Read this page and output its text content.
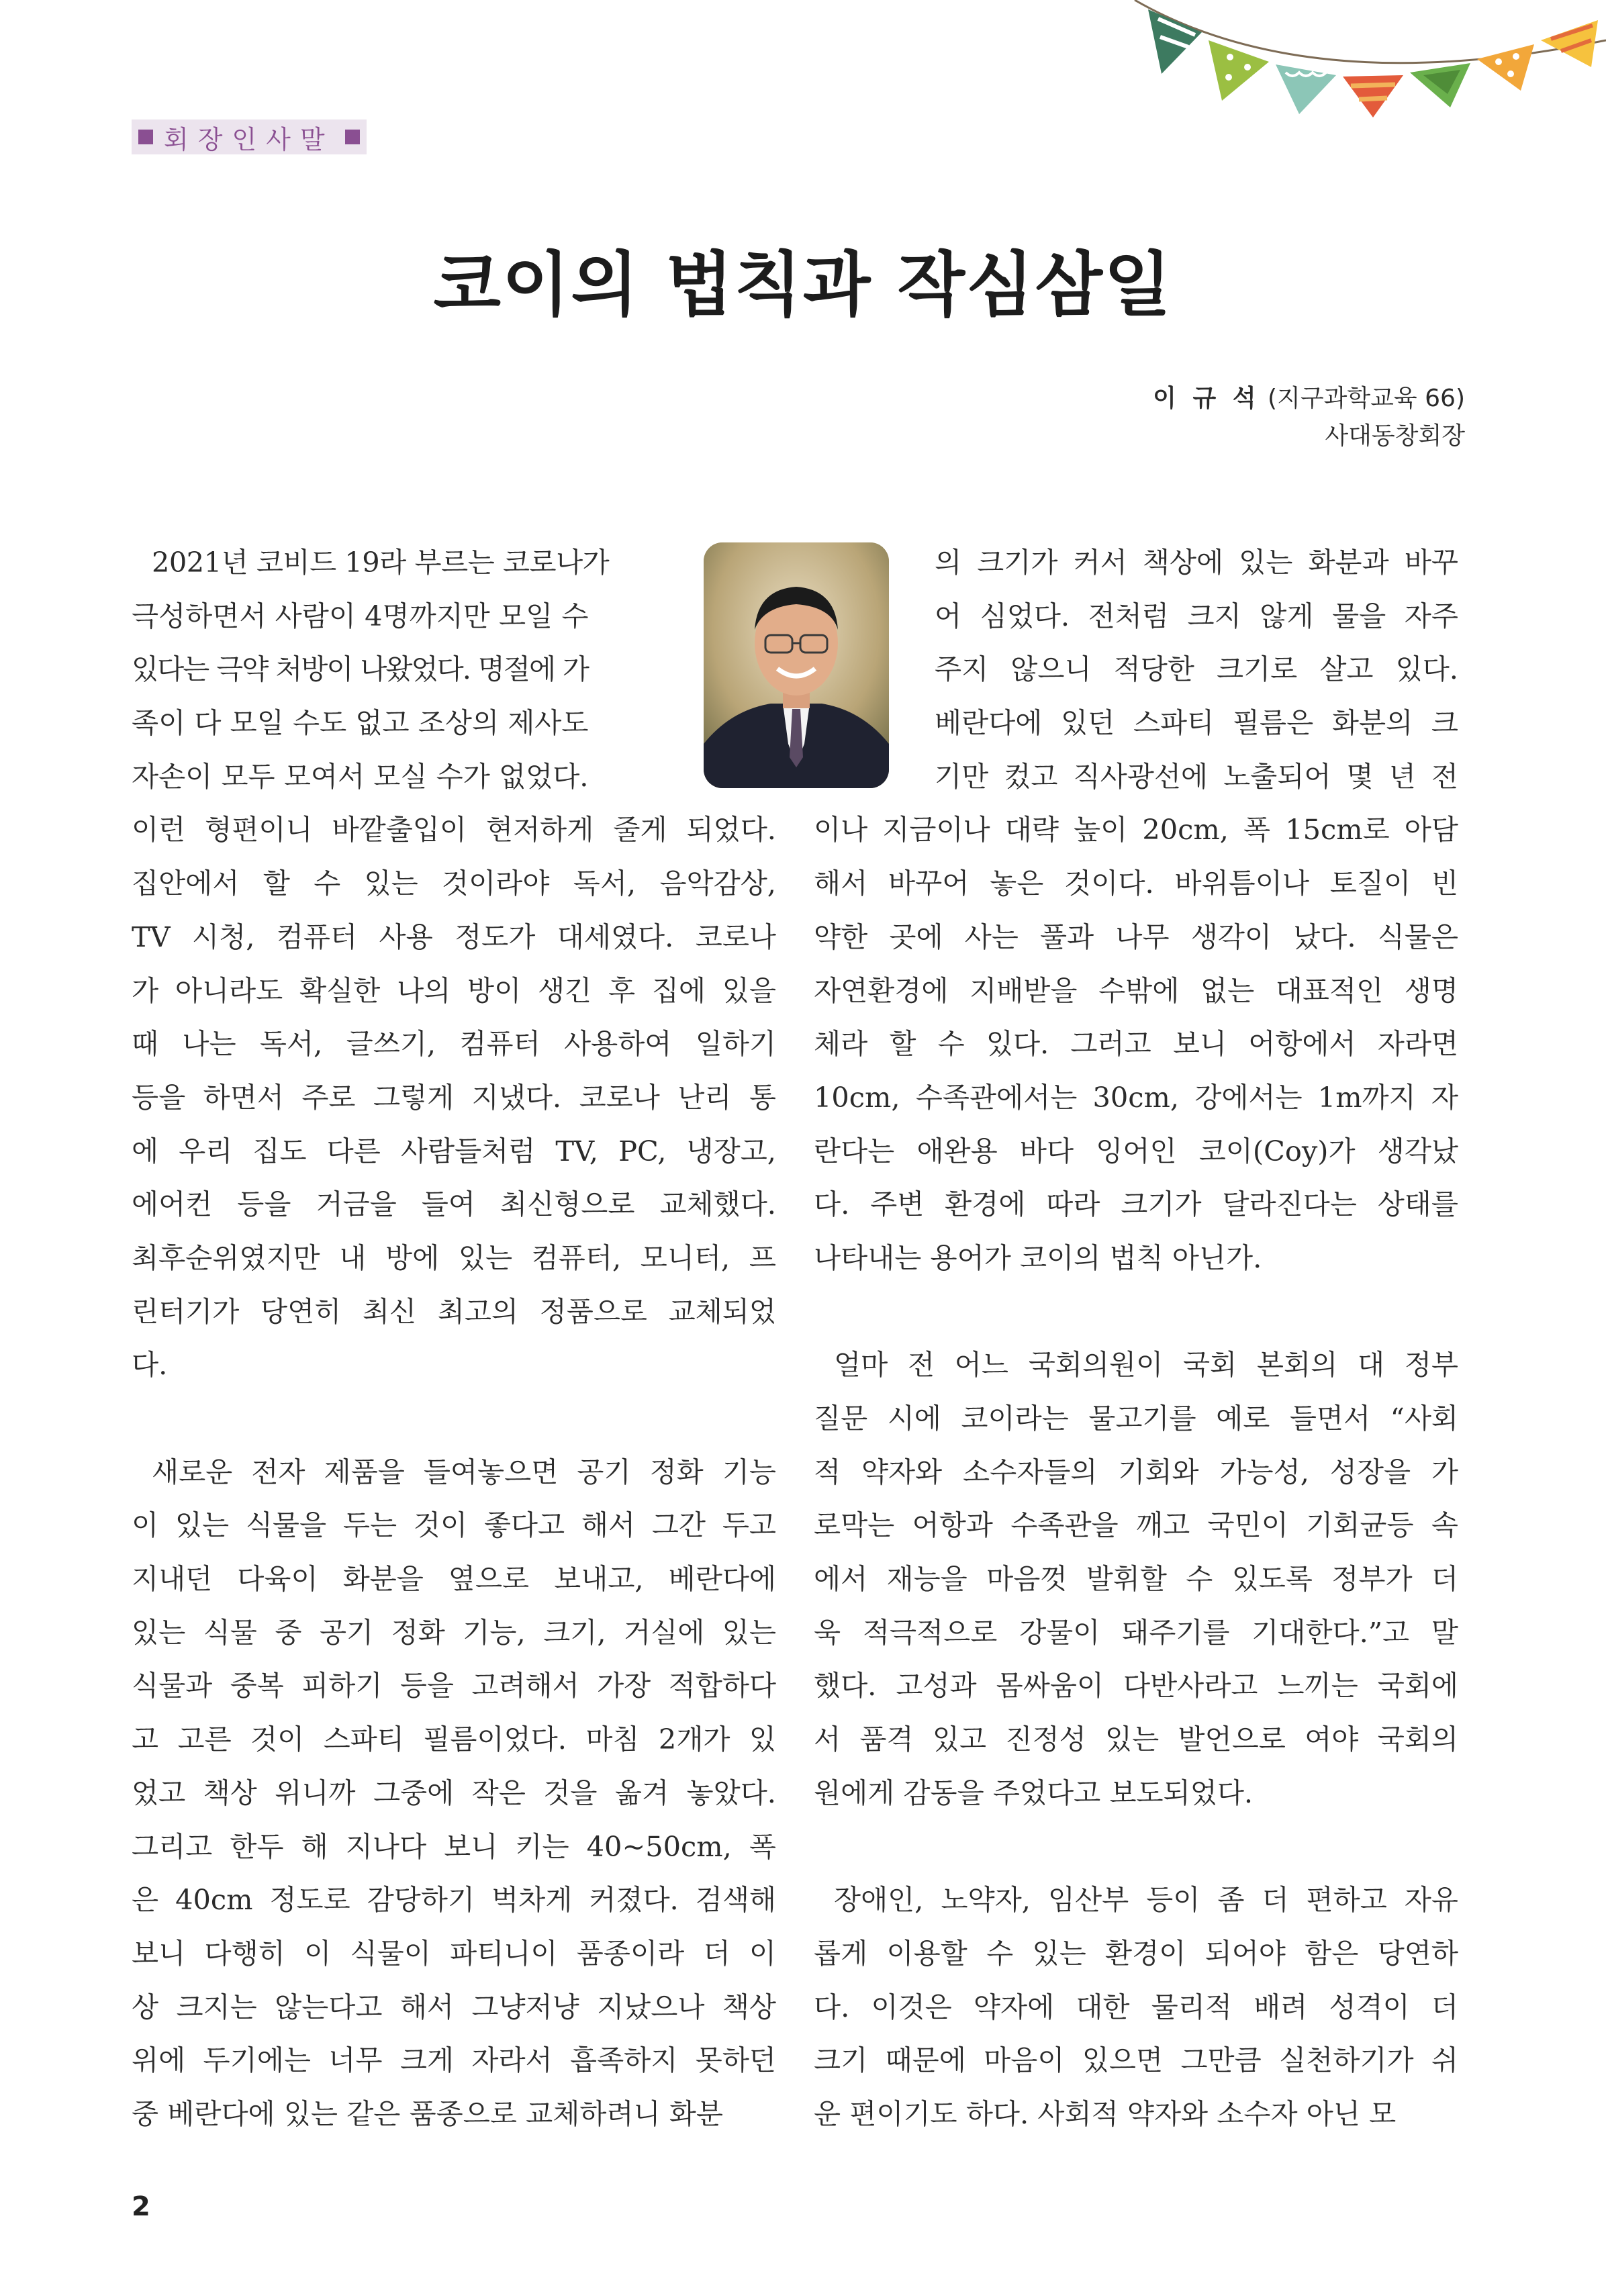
회장인사말
코이의 법칙과 작심삼일
이 규 석 (지구과학교육 66)
사대동창회장
2021년 코비드 19라 부르는 코로나가
극성하면서 사람이 4명까지만 모일 수
있다는 극약 처방이 나왔었다. 명절에 가
족이 다 모일 수도 없고 조상의 제사도
자손이 모두 모여서 모실 수가 없었다.
이런 형편이니 바깥출입이 현저하게 줄게 되었다.
집안에서 할 수 있는 것이라야 독서, 음악감상,
TV 시청, 컴퓨터 사용 정도가 대세였다. 코로나
가 아니라도 확실한 나의 방이 생긴 후 집에 있을
때 나는 독서, 글쓰기, 컴퓨터 사용하여 일하기
등을 하면서 주로 그렇게 지냈다. 코로나 난리 통
에 우리 집도 다른 사람들처럼 TV, PC, 냉장고,
에어컨 등을 거금을 들여 최신형으로 교체했다.
최후순위였지만 내 방에 있는 컴퓨터, 모니터, 프
린터기가 당연히 최신 최고의 정품으로 교체되었
다.
새로운 전자 제품을 들여놓으면 공기 정화 기능
이 있는 식물을 두는 것이 좋다고 해서 그간 두고
지내던 다육이 화분을 옆으로 보내고, 베란다에
있는 식물 중 공기 정화 기능, 크기, 거실에 있는
식물과 중복 피하기 등을 고려해서 가장 적합하다
고 고른 것이 스파티 필름이었다. 마침 2개가 있
었고 책상 위니까 그중에 작은 것을 옮겨 놓았다.
그리고 한두 해 지나다 보니 키는 40~50cm, 폭
은 40cm 정도로 감당하기 벅차게 커졌다. 검색해
보니 다행히 이 식물이 파티니이 품종이라 더 이
상 크지는 않는다고 해서 그냥저냥 지났으나 책상
위에 두기에는 너무 크게 자라서 흡족하지 못하던
중 베란다에 있는 같은 품종으로 교체하려니 화분
의 크기가 커서 책상에 있는 화분과 바꾸
어 심었다. 전처럼 크지 않게 물을 자주
주지 않으니 적당한 크기로 살고 있다.
베란다에 있던 스파티 필름은 화분의 크
기만 컸고 직사광선에 노출되어 몇 년 전
이나 지금이나 대략 높이 20cm, 폭 15cm로 아담
해서 바꾸어 놓은 것이다. 바위틈이나 토질이 빈
약한 곳에 사는 풀과 나무 생각이 났다. 식물은
자연환경에 지배받을 수밖에 없는 대표적인 생명
체라 할 수 있다. 그러고 보니 어항에서 자라면
10cm, 수족관에서는 30cm, 강에서는 1m까지 자
란다는 애완용 바다 잉어인 코이(Coy)가 생각났
다. 주변 환경에 따라 크기가 달라진다는 상태를
나타내는 용어가 코이의 법칙 아닌가.
얼마 전 어느 국회의원이 국회 본회의 대 정부
질문 시에 코이라는 물고기를 예로 들면서 “사회
적 약자와 소수자들의 기회와 가능성, 성장을 가
로막는 어항과 수족관을 깨고 국민이 기회균등 속
에서 재능을 마음껏 발휘할 수 있도록 정부가 더
욱 적극적으로 강물이 돼주기를 기대한다.”고 말
했다. 고성과 몸싸움이 다반사라고 느끼는 국회에
서 품격 있고 진정성 있는 발언으로 여야 국회의
원에게 감동을 주었다고 보도되었다.
장애인, 노약자, 임산부 등이 좀 더 편하고 자유
롭게 이용할 수 있는 환경이 되어야 함은 당연하
다. 이것은 약자에 대한 물리적 배려 성격이 더
크기 때문에 마음이 있으면 그만큼 실천하기가 쉬
운 편이기도 하다. 사회적 약자와 소수자 아닌 모
2
